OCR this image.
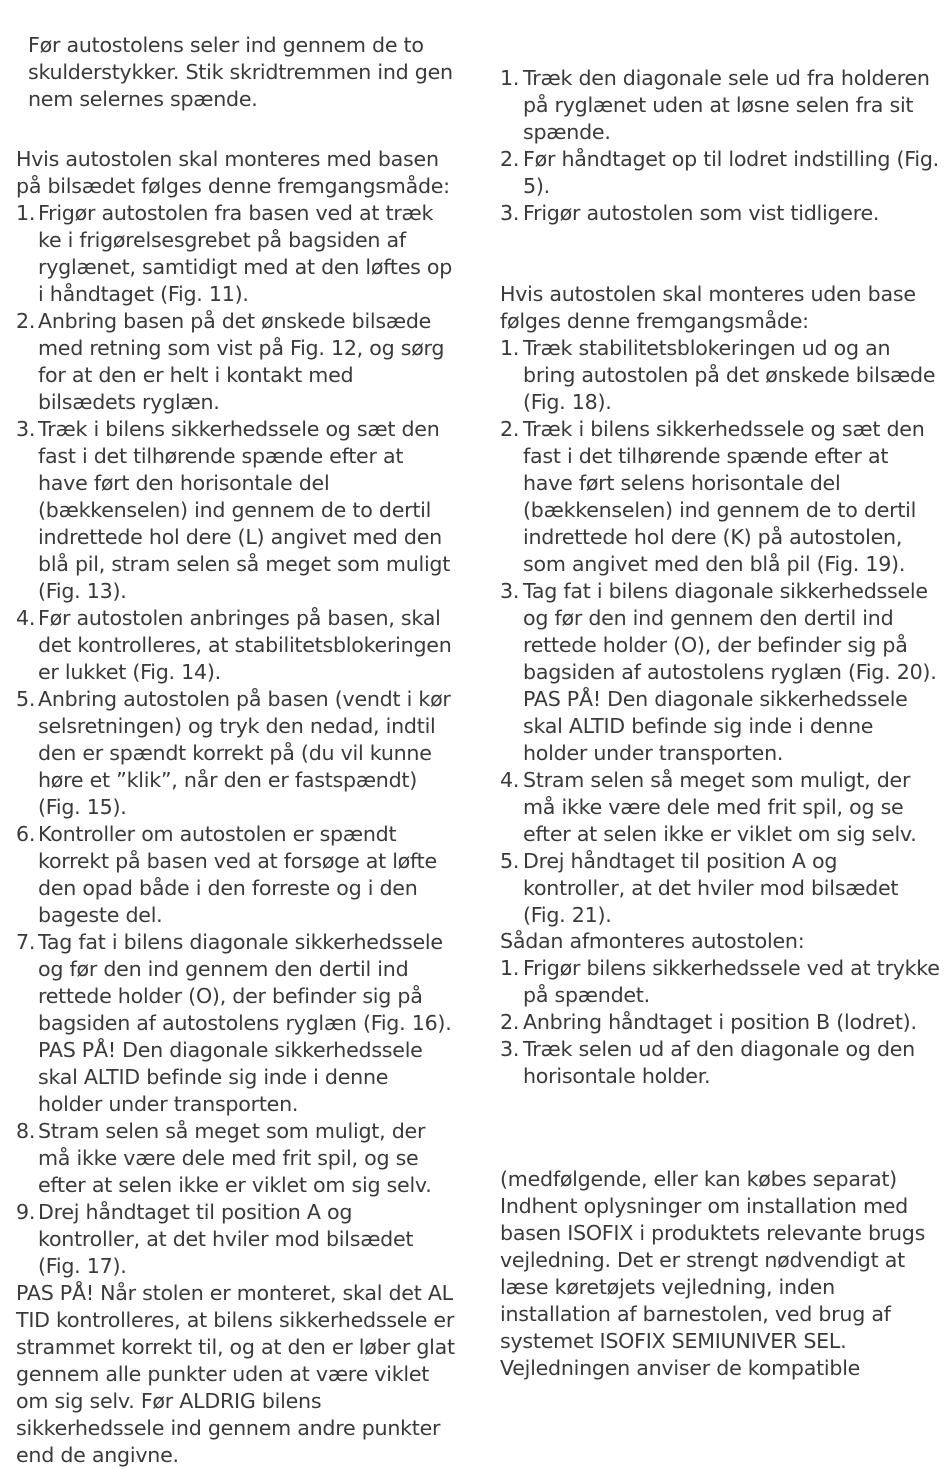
Før autostolens seler ind gennem de to skulderstykker. Stik skridtremmen ind gen nem selernes spænde.

Hvis autostolen skal monteres med basen på bilsædet følges denne fremgangsmåde:

1. Frigør autostolen fra basen ved at træk ke i frigørelsesgrebet på bagsiden af ryglænet, samtidigt med at den løftes op i håndtaget (Fig. 11).
2. Anbring basen på det ønskede bilsæde med retning som vist på Fig. 12, og sørg for at den er helt i kontakt med bilsædets ryglæn.
3. Træk i bilens sikkerhedssele og sæt den fast i det tilhørende spænde efter at have ført den horisontale del (bækkenselen) ind gennem de to dertil indrettede hol dere (L) angivet med den blå pil, stram selen så meget som muligt (Fig. 13).
4. Før autostolen anbringes på basen, skal det kontrolleres, at stabilitetsblokeringen er lukket (Fig. 14).
5. Anbring autostolen på basen (vendt i kør selsretningen) og tryk den nedad, indtil den er spændt korrekt på (du vil kunne høre et ”klik”, når den er fastspændt) (Fig. 15).
6. Kontroller om autostolen er spændt korrekt på basen ved at forsøge at løfte den opad både i den forreste og i den bageste del.
7. Tag fat i bilens diagonale sikkerhedssele og før den ind gennem den dertil ind rettede holder (O), der befinder sig på bagsiden af autostolens ryglæn (Fig. 16). PAS PÅ! Den diagonale sikkerhedssele skal ALTID befinde sig inde i denne holder under transporten.
8. Stram selen så meget som muligt, der må ikke være dele med frit spil, og se efter at selen ikke er viklet om sig selv.
9. Drej håndtaget til position A og kontroller, at det hviler mod bilsædet (Fig. 17).

PAS PÅ! Når stolen er monteret, skal det AL TID kontrolleres, at bilens sikkerhedssele er strammet korrekt til, og at den er løber glat gennem alle punkter uden at være viklet om sig selv. Før ALDRIG bilens sikkerhedssele ind gennem andre punkter end de angivne.

1. Træk den diagonale sele ud fra holderen på ryglænet uden at løsne selen fra sit spænde.
2. Før håndtaget op til lodret indstilling (Fig. 5).
3. Frigør autostolen som vist tidligere.

Hvis autostolen skal monteres uden base følges denne fremgangsmåde:

1. Træk stabilitetsblokeringen ud og an bring autostolen på det ønskede bilsæde (Fig. 18).
2. Træk i bilens sikkerhedssele og sæt den fast i det tilhørende spænde efter at have ført selens horisontale del (bækkenselen) ind gennem de to dertil indrettede hol dere (K) på autostolen, som angivet med den blå pil (Fig. 19).
3. Tag fat i bilens diagonale sikkerhedssele og før den ind gennem den dertil ind rettede holder (O), der befinder sig på bagsiden af autostolens ryglæn (Fig. 20). PAS PÅ! Den diagonale sikkerhedssele skal ALTID befinde sig inde i denne holder under transporten.
4. Stram selen så meget som muligt, der må ikke være dele med frit spil, og se efter at selen ikke er viklet om sig selv.
5. Drej håndtaget til position A og kontroller, at det hviler mod bilsædet (Fig. 21).

Sådan afmonteres autostolen:

1. Frigør bilens sikkerhedssele ved at trykke på spændet.
2. Anbring håndtaget i position B (lodret).
3. Træk selen ud af den diagonale og den horisontale holder.

(medfølgende, eller kan købes separat) Indhent oplysninger om installation med basen ISOFIX i produktets relevante brugs vejledning. Det er strengt nødvendigt at læse køretøjets vejledning, inden installation af barnestolen, ved brug af systemet ISOFIX SEMIUNIVER SEL. Vejledningen anviser de kompatible
